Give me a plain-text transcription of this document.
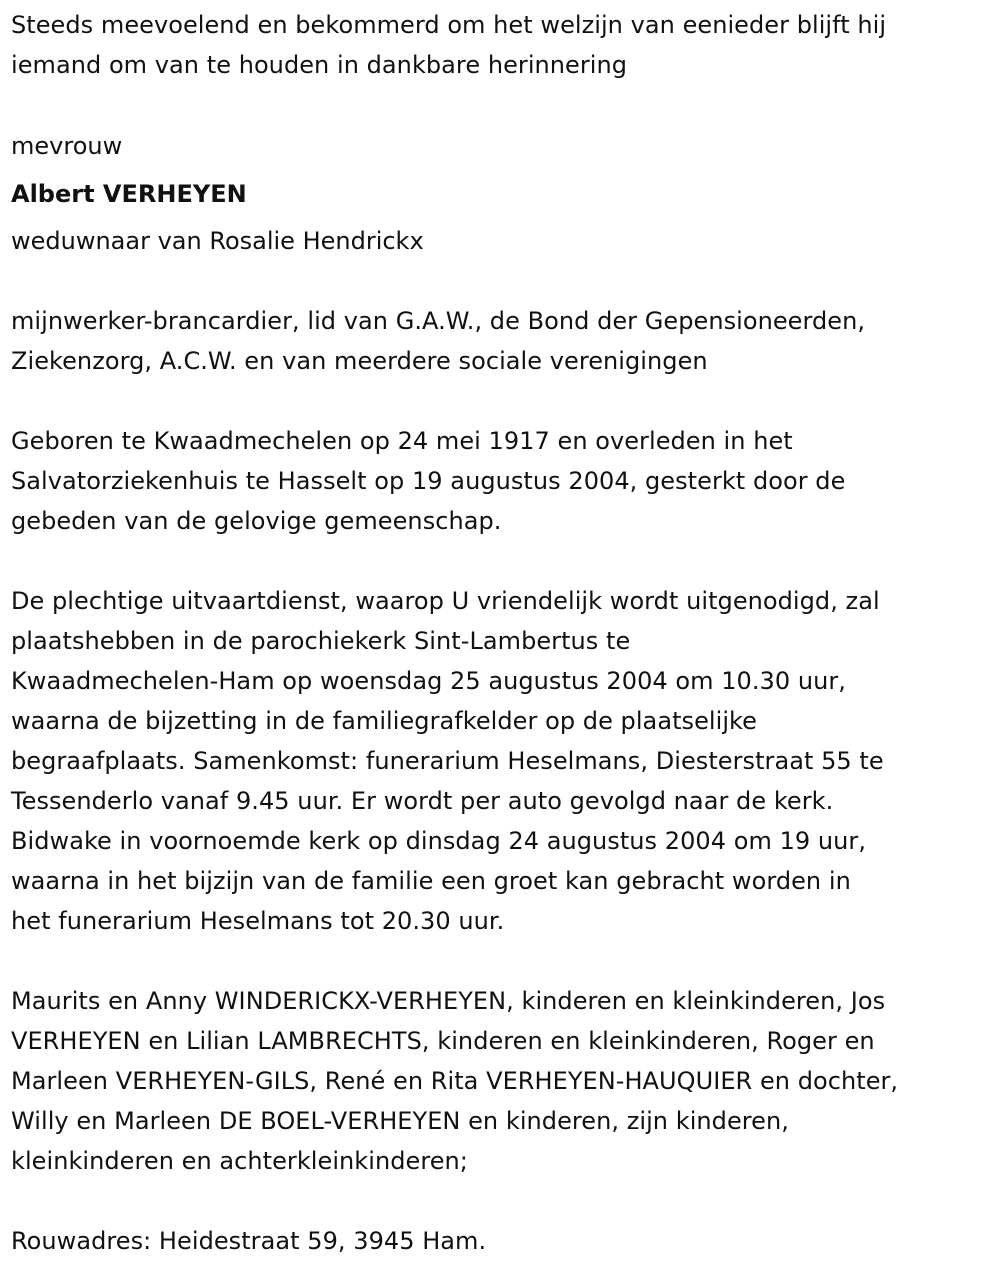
Steeds meevoelend en bekommerd om het welzijn van eenieder blijft hij
iemand om van te houden in dankbare herinnering
mevrouw
Albert VERHEYEN
weduwnaar van Rosalie Hendrickx
mijnwerker-brancardier, lid van G.A.W., de Bond der Gepensioneerden,
Ziekenzorg, A.C.W. en van meerdere sociale verenigingen
Geboren te Kwaadmechelen op 24 mei 1917 en overleden in het
Salvatorziekenhuis te Hasselt op 19 augustus 2004, gesterkt door de
gebeden van de gelovige gemeenschap.
De plechtige uitvaartdienst, waarop U vriendelijk wordt uitgenodigd, zal
plaatshebben in de parochiekerk Sint-Lambertus te
Kwaadmechelen-Ham op woensdag 25 augustus 2004 om 10.30 uur,
waarna de bijzetting in de familiegrafkelder op de plaatselijke
begraafplaats. Samenkomst: funerarium Heselmans, Diesterstraat 55 te
Tessenderlo vanaf 9.45 uur. Er wordt per auto gevolgd naar de kerk.
Bidwake in voornoemde kerk op dinsdag 24 augustus 2004 om 19 uur,
waarna in het bijzijn van de familie een groet kan gebracht worden in
het funerarium Heselmans tot 20.30 uur.
Maurits en Anny WINDERICKX-VERHEYEN, kinderen en kleinkinderen, Jos
VERHEYEN en Lilian LAMBRECHTS, kinderen en kleinkinderen, Roger en
Marleen VERHEYEN-GILS, René en Rita VERHEYEN-HAUQUIER en dochter,
Willy en Marleen DE BOEL-VERHEYEN en kinderen, zijn kinderen,
kleinkinderen en achterkleinkinderen;
Rouwadres: Heidestraat 59, 3945 Ham.
